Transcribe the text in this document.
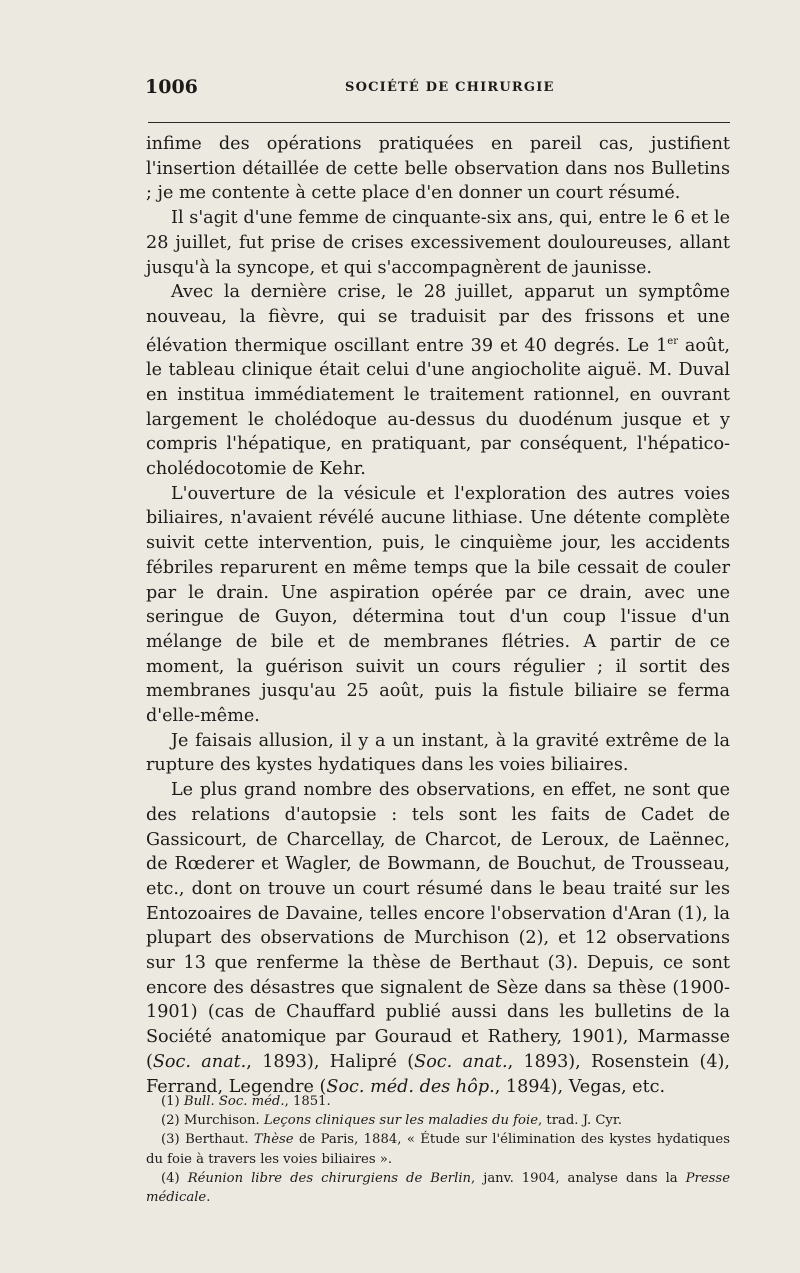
1006	SOCIÉTÉ DE CHIRURGIE

infime des opérations pratiquées en pareil cas, justifient l'insertion détaillée de cette belle observation dans nos Bulletins ; je me contente à cette place d'en donner un court résumé.

Il s'agit d'une femme de cinquante-six ans, qui, entre le 6 et le 28 juillet, fut prise de crises excessivement douloureuses, allant jusqu'à la syncope, et qui s'accompagnèrent de jaunisse.

Avec la dernière crise, le 28 juillet, apparut un symptôme nouveau, la fièvre, qui se traduisit par des frissons et une élévation thermique oscillant entre 39 et 40 degrés. Le 1er août, le tableau clinique était celui d'une angiocholite aiguë. M. Duval en institua immédiatement le traitement rationnel, en ouvrant largement le cholédoque au-dessus du duodénum jusque et y compris l'hépatique, en pratiquant, par conséquent, l'hépatico-cholédocotomie de Kehr.

L'ouverture de la vésicule et l'exploration des autres voies biliaires, n'avaient révélé aucune lithiase. Une détente complète suivit cette intervention, puis, le cinquième jour, les accidents fébriles reparurent en même temps que la bile cessait de couler par le drain. Une aspiration opérée par ce drain, avec une seringue de Guyon, détermina tout d'un coup l'issue d'un mélange de bile et de membranes flétries. A partir de ce moment, la guérison suivit un cours régulier ; il sortit des membranes jusqu'au 25 août, puis la fistule biliaire se ferma d'elle-même.

Je faisais allusion, il y a un instant, à la gravité extrême de la rupture des kystes hydatiques dans les voies biliaires.

Le plus grand nombre des observations, en effet, ne sont que des relations d'autopsie : tels sont les faits de Cadet de Gassicourt, de Charcellay, de Charcot, de Leroux, de Laënnec, de Rœderer et Wagler, de Bowmann, de Bouchut, de Trousseau, etc., dont on trouve un court résumé dans le beau traité sur les Entozoaires de Davaine, telles encore l'observation d'Aran (1), la plupart des observations de Murchison (2), et 12 observations sur 13 que renferme la thèse de Berthaut (3). Depuis, ce sont encore des désastres que signalent de Sèze dans sa thèse (1900-1901) (cas de Chauffard publié aussi dans les bulletins de la Société anatomique par Gouraud et Rathery, 1901), Marmasse (Soc. anat., 1893), Halipré (Soc. anat., 1893), Rosenstein (4), Ferrand, Legendre (Soc. méd. des hôp., 1894), Vegas, etc.

(1) Bull. Soc. méd., 1851.

(2) Murchison. Leçons cliniques sur les maladies du foie, trad. J. Cyr.

(3) Berthaut. Thèse de Paris, 1884, « Étude sur l'élimination des kystes hydatiques du foie à travers les voies biliaires ».

(4) Réunion libre des chirurgiens de Berlin, janv. 1904, analyse dans la Presse médicale.
